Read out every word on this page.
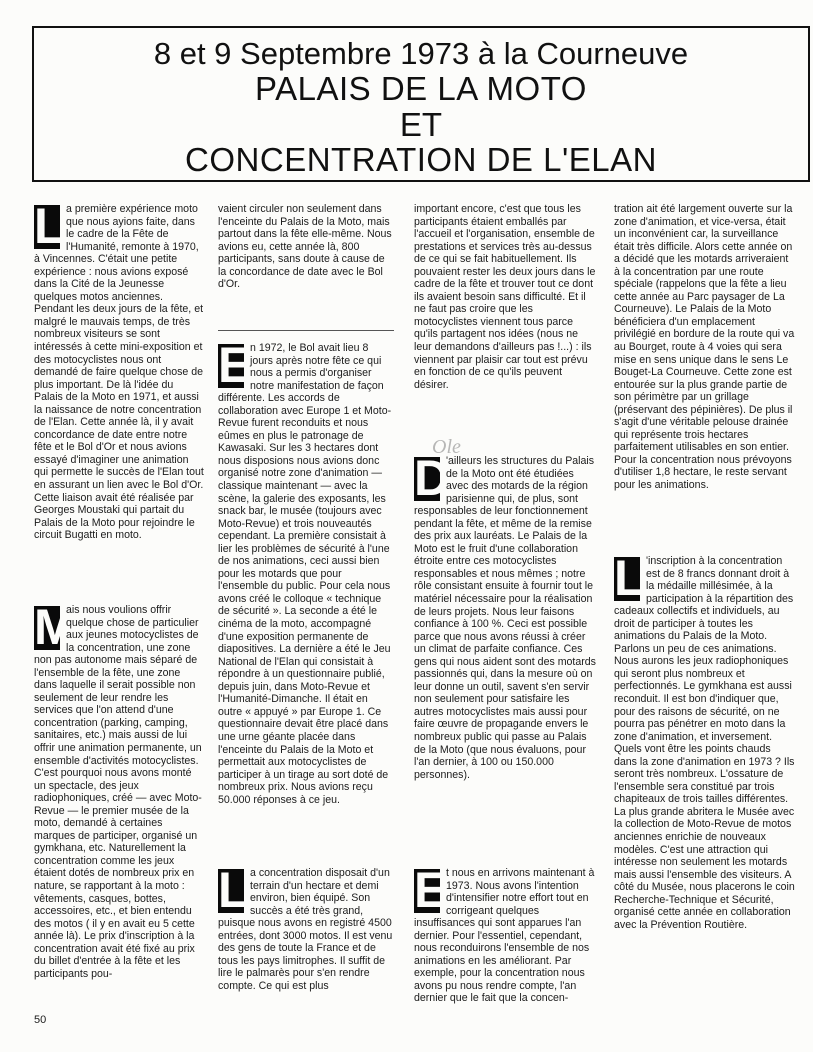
8 et 9 Septembre 1973 à la Courneuve
PALAIS DE LA MOTO
ET
CONCENTRATION DE L'ELAN

L a première expérience moto que nous ayions faite, dans le cadre de la Fête de l'Humanité, remonte à 1970, à Vincennes. C'était une petite expérience : nous avions exposé dans la Cité de la Jeunesse quelques motos anciennes. Pendant les deux jours de la fête, et malgré le mauvais temps, de très nombreux visiteurs se sont intéressés à cette mini-exposition et des motocyclistes nous ont demandé de faire quelque chose de plus important. De là l'idée du Palais de la Moto en 1971, et aussi la naissance de notre concentration de l'Elan. Cette année là, il y avait concordance de date entre notre fête et le Bol d'Or et nous avions essayé d'imaginer une animation qui permette le succès de l'Elan tout en assurant un lien avec le Bol d'Or. Cette liaison avait été réalisée par Georges Moustaki qui partait du Palais de la Moto pour rejoindre le circuit Bugatti en moto.

M
ais nous voulions offrir quelque chose de particulier aux jeunes motocyclistes de la concentration, une zone non pas autonome mais séparé de l'ensemble de la fête, une zone dans laquelle il serait possible non seulement de leur rendre les services que l'on attend d'une concentration (parking, camping, sanitaires, etc.) mais aussi de lui offrir une animation permanente, un ensemble d'activités motocyclistes. C'est pourquoi nous avons monté un spectacle, des jeux radiophoniques, créé — avec Moto-Revue — le premier musée de la moto, demandé à certaines marques de participer, organisé un gymkhana, etc. Naturellement la concentration comme les jeux étaient dotés de nombreux prix en nature, se rapportant à la moto : vêtements, casques, bottes, accessoires, etc., et bien entendu des motos ( il y en avait eu 5 cette année là). Le prix d'inscription à la concentration avait été fixé au prix du billet d'entrée à la fête et les participants pou-

vaient circuler non seulement dans l'enceinte du Palais de la Moto, mais partout dans la fête elle-même. Nous avions eu, cette année là, 800 participants, sans doute à cause de la concordance de date avec le Bol d'Or.

E
n 1972, le Bol avait lieu 8 jours après notre fête ce qui nous a permis d'organiser notre manifestation de façon différente. Les accords de collaboration avec Europe 1 et Moto-Revue furent reconduits et nous eûmes en plus le patronage de Kawasaki. Sur les 3 hectares dont nous disposions nous avions donc organisé notre zone d'animation — classique maintenant — avec la scène, la galerie des exposants, les snack bar, le musée (toujours avec Moto-Revue) et trois nouveautés cependant. La première consistait à lier les problèmes de sécurité à l'une de nos animations, ceci aussi bien pour les motards que pour l'ensemble du public. Pour cela nous avons créé le colloque « technique de sécurité ». La seconde a été le cinéma de la moto, accompagné d'une exposition permanente de diapositives. La dernière a été le Jeu National de l'Elan qui consistait à répondre à un questionnaire publié, depuis juin, dans Moto-Revue et l'Humanité-Dimanche. Il était en outre « appuyé » par Europe 1. Ce questionnaire devait être placé dans une urne géante placée dans l'enceinte du Palais de la Moto et permettait aux motocyclistes de participer à un tirage au sort doté de nombreux prix. Nous avions reçu 50.000 réponses à ce jeu.

L a concentration disposait d'un terrain d'un hectare et demi environ, bien équipé. Son succès a été très grand, puisque nous avons en registré 4500 entrées, dont 3000 motos. Il est venu des gens de toute la France et de tous les pays limitrophes. Il suffit de lire le palmarès pour s'en rendre compte. Ce qui est plus

important encore, c'est que tous les participants étaient emballés par l'accueil et l'organisation, ensemble de prestations et services très au-dessus de ce qui se fait habituellement. Ils pouvaient rester les deux jours dans le cadre de la fête et trouver tout ce dont ils avaient besoin sans difficulté. Et il ne faut pas croire que les motocyclistes viennent tous parce qu'ils partagent nos idées (nous ne leur demandons d'ailleurs pas !...) : ils viennent par plaisir car tout est prévu en fonction de ce qu'ils peuvent désirer.

D
'ailleurs les structures du Palais de la Moto ont été étudiées avec des motards de la région parisienne qui, de plus, sont responsables de leur fonctionnement pendant la fête, et même de la remise des prix aux lauréats. Le Palais de la Moto est le fruit d'une collaboration étroite entre ces motocyclistes responsables et nous mêmes ; notre rôle consistant ensuite à fournir tout le matériel nécessaire pour la réalisation de leurs projets. Nous leur faisons confiance à 100 %. Ceci est possible parce que nous avons réussi à créer un climat de parfaite confiance. Ces gens qui nous aident sont des motards passionnés qui, dans la mesure où on leur donne un outil, savent s'en servir non seulement pour satisfaire les autres motocyclistes mais aussi pour faire œuvre de propagande envers le nombreux public qui passe au Palais de la Moto (que nous évaluons, pour l'an dernier, à 100 ou 150.000 personnes).

E
t nous en arrivons maintenant à 1973. Nous avons l'intention d'intensifier notre effort tout en corrigeant quelques insuffisances qui sont apparues l'an dernier. Pour l'essentiel, cependant, nous reconduirons l'ensemble de nos animations en les améliorant. Par exemple, pour la concentration nous avons pu nous rendre compte, l'an dernier que le fait que la concen-

tration ait été largement ouverte sur la zone d'animation, et vice-versa, était un inconvénient car, la surveillance était très difficile. Alors cette année on a décidé que les motards arriveraient à la concentration par une route spéciale (rappelons que la fête a lieu cette année au Parc paysager de La Courneuve). Le Palais de la Moto bénéficiera d'un emplacement privilégié en bordure de la route qui va au Bourget, route à 4 voies qui sera mise en sens unique dans le sens Le Bouget-La Courneuve. Cette zone est entourée sur la plus grande partie de son périmètre par un grillage (préservant des pépinières). De plus il s'agit d'une véritable pelouse drainée qui représente trois hectares parfaitement utilisables en son entier. Pour la concentration nous prévoyons d'utiliser 1,8 hectare, le reste servant pour les animations.

L 'inscription à la concentration est de 8 francs donnant droit à la médaille millésimée, à la participation à la répartition des cadeaux collectifs et individuels, au droit de participer à toutes les animations du Palais de la Moto. Parlons un peu de ces animations. Nous aurons les jeux radiophoniques qui seront plus nombreux et perfectionnés. Le gymkhana est aussi reconduit. Il est bon d'indiquer que, pour des raisons de sécurité, on ne pourra pas pénétrer en moto dans la zone d'animation, et inversement. Quels vont être les points chauds dans la zone d'animation en 1973 ? Ils seront très nombreux. L'ossature de l'ensemble sera constitué par trois chapiteaux de trois tailles différentes. La plus grande abritera le Musée avec la collection de Moto-Revue de motos anciennes enrichie de nouveaux modèles. C'est une attraction qui intéresse non seulement les motards mais aussi l'ensemble des visiteurs. A côté du Musée, nous placerons le coin Recherche-Technique et Sécurité, organisé cette année en collaboration avec la Prévention Routière.

Ole
50
